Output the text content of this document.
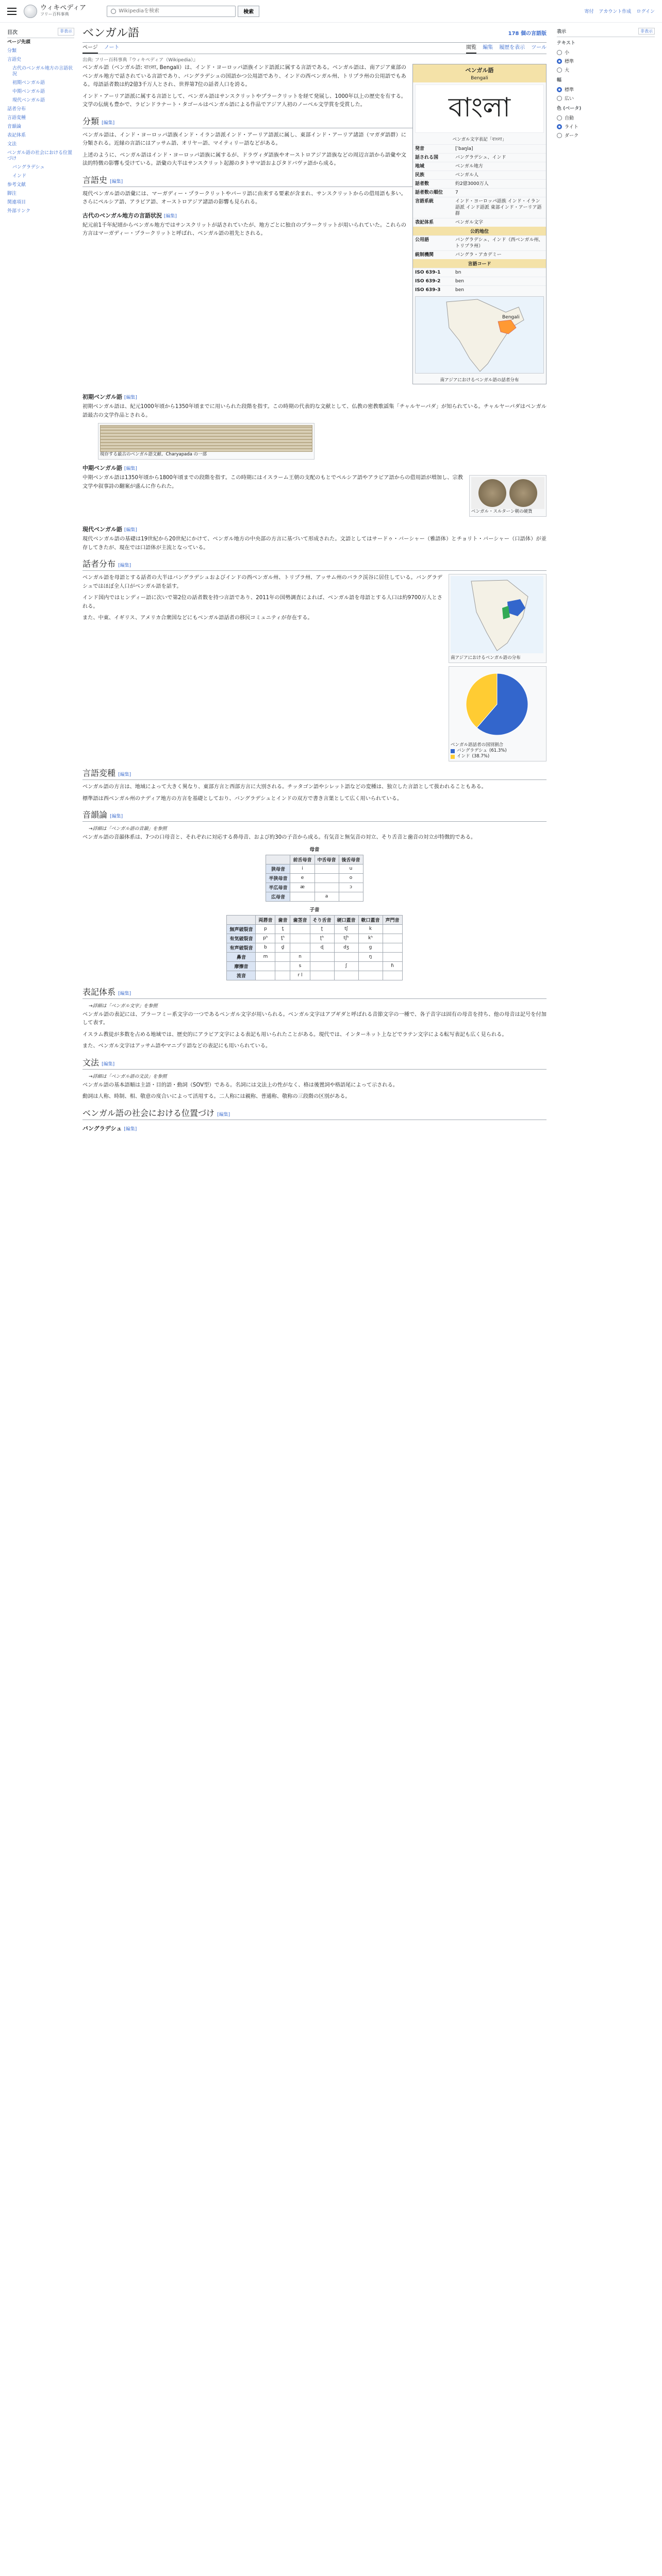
ウィキペディア
フリー百科事典
Wikipediaを検索	検索	寄付 アカウント作成 ログイン
目次	非表示
ページ先頭
分類
言語史
古代のベンガル地方の言語状況
初期ベンガル語
中期ベンガル語
現代ベンガル語
話者分布
言語変種
音韻論
表記体系
文法
ベンガル語の社会における位置づけ
バングラデシュ
インド
参考文献
脚注
関連項目
外部リンク
ベンガル語	178 個の言語版
ページ ノート	閲覧 編集 履歴を表示 ツール
出典: フリー百科事典『ウィキペディア（Wikipedia）』
ベンガル語
Bengali
বাংলা
ベンガル文字表記「বাংলা」
発音	[ˈbaŋla]
話される国	バングラデシュ、インド
地域	ベンガル地方
民族	ベンガル人
話者数	約2億3000万人
話者数の順位	7
言語系統	インド・ヨーロッパ語族 インド・イラン語派 インド語派 東部インド・アーリア語群
表記体系	ベンガル文字
公的地位
公用語	バングラデシュ、インド（西ベンガル州、トリプラ州）
統制機関	バングラ・アカデミー
言語コード
ISO 639-1	bn
ISO 639-2	ben
ISO 639-3	ben
Bengali
南アジアにおけるベンガル語の話者分布

ベンガル語（ベンガル語: বাংলা, Bengali）は、インド・ヨーロッパ語族インド語派に属する言語である。ベンガル語は、南アジア東部のベンガル地方で話されている言語であり、バングラデシュの国語かつ公用語であり、インドの西ベンガル州、トリプラ州の公用語でもある。母語話者数は約2億3千万人とされ、世界第7位の話者人口を誇る。

インド・アーリア語派に属する言語として、ベンガル語はサンスクリットやプラークリットを経て発展し、1000年以上の歴史を有する。文学の伝統も豊かで、ラビンドラナート・タゴールはベンガル語による作品でアジア人初のノーベル文学賞を受賞した。

分類 [編集]

ベンガル語は、インド・ヨーロッパ語族インド・イラン語派インド・アーリア語派に属し、東部インド・アーリア諸語（マガダ語群）に分類される。近縁の言語にはアッサム語、オリヤー語、マイティリー語などがある。

上述のように、ベンガル語はインド・ヨーロッパ語族に属するが、ドラヴィダ語族やオーストロアジア語族などの周辺言語から語彙や文法的特徴の影響も受けている。語彙の大半はサンスクリット起源のタトサマ語およびタドバヴァ語から成る。

言語史 [編集]

現代ベンガル語の語彙には、マーガディー・プラークリットやパーリ語に由来する要素が含まれ、サンスクリットからの借用語も多い。さらにペルシア語、アラビア語、オーストロアジア諸語の影響も見られる。

古代のベンガル地方の言語状況 [編集]

紀元前1千年紀頃からベンガル地方ではサンスクリットが話されていたが、地方ごとに独自のプラークリットが用いられていた。これらの方言はマーガディー・プラークリットと呼ばれ、ベンガル語の祖先とされる。

初期ベンガル語 [編集]

初期ベンガル語は、紀元1000年頃から1350年頃までに用いられた段階を指す。この時期の代表的な文献として、仏教の密教歌謡集「チャルヤーパダ」が知られている。チャルヤーパダはベンガル語最古の文学作品とされる。

現存する最古のベンガル語文献、Charyapada の一部
中期ベンガル語 [編集]
ベンガル・スルターン朝の硬貨

中期ベンガル語は1350年頃から1800年頃までの段階を指す。この時期にはイスラーム王朝の支配のもとでペルシア語やアラビア語からの借用語が増加し、宗教文学や叙事詩の翻案が盛んに作られた。

現代ベンガル語 [編集]

現代ベンガル語の基礎は19世紀から20世紀にかけて、ベンガル地方の中央部の方言に基づいて形成された。文語としてはサードゥ・バーシャー（雅語体）とチョリト・バーシャー（口語体）が並存してきたが、現在では口語体が主流となっている。

話者分布 [編集]
南アジアにおけるベンガル語の分布
ベンガル語話者の国別割合
バングラデシュ (61.3%)
インド (38.7%)

ベンガル語を母語とする話者の大半はバングラデシュおよびインドの西ベンガル州、トリプラ州、アッサム州のバラク渓谷に居住している。バングラデシュではほぼ全人口がベンガル語を話す。

インド国内ではヒンディー語に次いで第2位の話者数を持つ言語であり、2011年の国勢調査によれば、ベンガル語を母語とする人口は約9700万人とされる。

また、中東、イギリス、アメリカ合衆国などにもベンガル語話者の移民コミュニティが存在する。

言語変種 [編集]

ベンガル語の方言は、地域によって大きく異なり、東部方言と西部方言に大別される。チッタゴン語やシレット語などの変種は、独立した言語として扱われることもある。

標準語は西ベンガル州のナディア地方の方言を基礎としており、バングラデシュとインドの双方で書き言葉として広く用いられている。

音韻論 [編集]
→詳細は「ベンガル語の音韻」を参照

ベンガル語の音韻体系は、7つの口母音と、それぞれに対応する鼻母音、および約30の子音から成る。有気音と無気音の対立、そり舌音と歯音の対立が特徴的である。

母音
	前舌母音	中舌母音	後舌母音
狭母音	i		u
半狭母音	e		o
半広母音	æ		ɔ
広母音		a	
子音
	両唇音	歯音	歯茎音	そり舌音	硬口蓋音	軟口蓋音	声門音
無声破裂音	p	t̪		ʈ	tʃ	k	
有気破裂音	pʰ	t̪ʰ		ʈʰ	tʃʰ	kʰ	
有声破裂音	b	d̪		ɖ	dʒ	ɡ	
鼻音	m		n			ŋ	
摩擦音			s		ʃ		ɦ
流音			r l				
表記体系 [編集]
→詳細は「ベンガル文字」を参照

ベンガル語の表記には、ブラーフミー系文字の一つであるベンガル文字が用いられる。ベンガル文字はアブギダと呼ばれる音節文字の一種で、各子音字は固有の母音を持ち、他の母音は記号を付加して表す。

イスラム教徒が多数を占める地域では、歴史的にアラビア文字による表記も用いられたことがある。現代では、インターネット上などでラテン文字による転写表記も広く見られる。

また、ベンガル文字はアッサム語やマニプリ語などの表記にも用いられている。

文法 [編集]
→詳細は「ベンガル語の文法」を参照

ベンガル語の基本語順は主語・目的語・動詞（SOV型）である。名詞には文法上の性がなく、格は後置詞や格語尾によって示される。

動詞は人称、時制、相、敬意の度合いによって活用する。二人称には親称、普通称、敬称の三段階の区別がある。

ベンガル語の社会における位置づけ [編集]
バングラデシュ [編集]
表示	非表示
テキスト
小
標準
大
幅
標準
広い
色 (ベータ)
自動
ライト
ダーク
